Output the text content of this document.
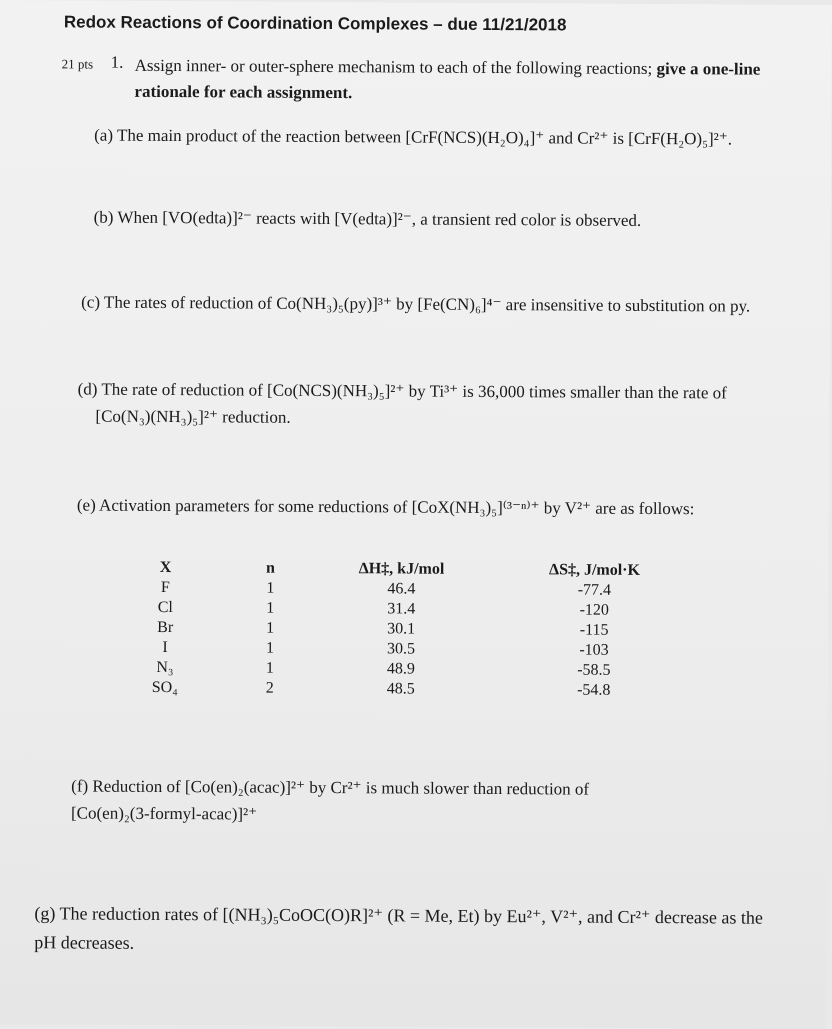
Redox Reactions of Coordination Complexes – due 11/21/2018
21 pts 1. Assign inner- or outer-sphere mechanism to each of the following reactions; give a one-line
rationale for each assignment.
(a) The main product of the reaction between [CrF(NCS)(H₂O)₄]⁺ and Cr²⁺ is [CrF(H₂O)₅]²⁺.
(b) When [VO(edta)]²⁻ reacts with [V(edta)]²⁻, a transient red color is observed.
(c) The rates of reduction of Co(NH₃)₅(py)]³⁺ by [Fe(CN)₆]⁴⁻ are insensitive to substitution on py.
(d) The rate of reduction of [Co(NCS)(NH₃)₅]²⁺ by Ti³⁺ is 36,000 times smaller than the rate of
[Co(N₃)(NH₃)₅]²⁺ reduction.
(e) Activation parameters for some reductions of [CoX(NH₃)₅]⁽³⁻ⁿ⁾⁺ by V²⁺ are as follows:
X	n	ΔH‡, kJ/mol	ΔS‡, J/mol·K
F	1	46.4	-77.4
Cl	1	31.4	-120
Br	1	30.1	-115
I	1	30.5	-103
N₃	1	48.9	-58.5
SO₄	2	48.5	-54.8
(f) Reduction of [Co(en)₂(acac)]²⁺ by Cr²⁺ is much slower than reduction of
[Co(en)₂(3-formyl-acac)]²⁺
(g) The reduction rates of [(NH₃)₅CoOC(O)R]²⁺ (R = Me, Et) by Eu²⁺, V²⁺, and Cr²⁺ decrease as the
pH decreases.
